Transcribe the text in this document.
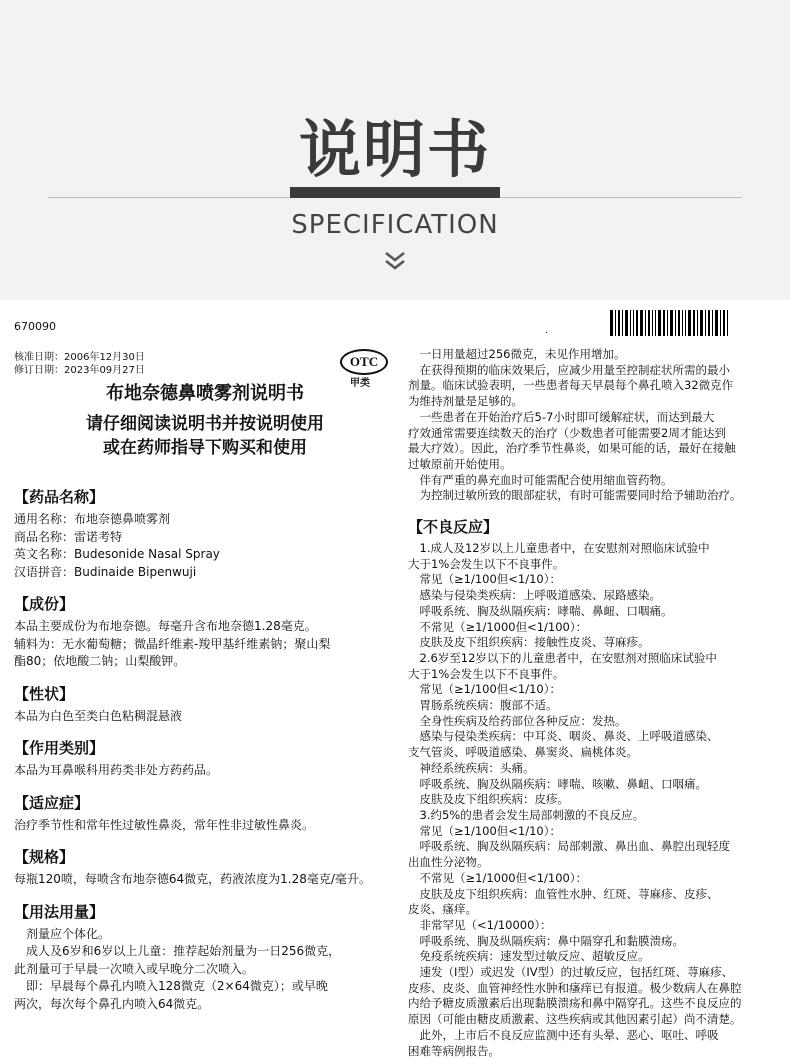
说明书
SPECIFICATION
670090
核准日期：2006年12月30日
修订日期：2023年09月27日
OTC
甲类
布地奈德鼻喷雾剂说明书
请仔细阅读说明书并按说明使用
或在药师指导下购买和使用
【药品名称】

通用名称：布地奈德鼻喷雾剂

商品名称：雷诺考特

英文名称：Budesonide Nasal Spray

汉语拼音：Budinaide Bipenwuji

【成份】

本品主要成份为布地奈德。每毫升含布地奈德1.28毫克。

辅料为：无水葡萄糖；微晶纤维素-羧甲基纤维素钠；聚山梨

酯80；依地酸二钠；山梨酸钾。

【性状】

本品为白色至类白色粘稠混悬液

【作用类别】

本品为耳鼻喉科用药类非处方药药品。

【适应症】

治疗季节性和常年性过敏性鼻炎，常年性非过敏性鼻炎。

【规格】

每瓶120喷，每喷含布地奈德64微克，药液浓度为1.28毫克/毫升。

【用法用量】

　剂量应个体化。

　成人及6岁和6岁以上儿童：推荐起始剂量为一日256微克，

此剂量可于早晨一次喷入或早晚分二次喷入。

　即：早晨每个鼻孔内喷入128微克（2×64微克）；或早晚

两次，每次每个鼻孔内喷入64微克。

.

　一日用量超过256微克，未见作用增加。

　在获得预期的临床效果后，应减少用量至控制症状所需的最小

剂量。临床试验表明，一些患者每天早晨每个鼻孔喷入32微克作

为维持剂量是足够的。

　一些患者在开始治疗后5-7小时即可缓解症状，而达到最大

疗效通常需要连续数天的治疗（少数患者可能需要2周才能达到

最大疗效）。因此，治疗季节性鼻炎，如果可能的话，最好在接触

过敏原前开始使用。

　伴有严重的鼻充血时可能需配合使用缩血管药物。

　为控制过敏所致的眼部症状，有时可能需要同时给予辅助治疗。

【不良反应】

　1.成人及12岁以上儿童患者中，在安慰剂对照临床试验中

大于1%会发生以下不良事件。

　常见（≥1/100但<1/10）：

　感染与侵染类疾病：上呼吸道感染、尿路感染。

　呼吸系统、胸及纵隔疾病：哮喘、鼻衄、口咽痛。

　不常见（≥1/1000但<1/100）：

　皮肤及皮下组织疾病：接触性皮炎、荨麻疹。

　2.6岁至12岁以下的儿童患者中，在安慰剂对照临床试验中

大于1%会发生以下不良事件。

　常见（≥1/100但<1/10）：

　胃肠系统疾病：腹部不适。

　全身性疾病及给药部位各种反应：发热。

　感染与侵染类疾病：中耳炎、咽炎、鼻炎、上呼吸道感染、

支气管炎、呼吸道感染、鼻窦炎、扁桃体炎。

　神经系统疾病：头痛。

　呼吸系统、胸及纵隔疾病：哮喘、咳嗽、鼻衄、口咽痛。

　皮肤及皮下组织疾病：皮疹。

　3.约5%的患者会发生局部刺激的不良反应。

　常见（≥1/100但<1/10）：

　呼吸系统、胸及纵隔疾病：局部刺激、鼻出血、鼻腔出现轻度

出血性分泌物。

　不常见（≥1/1000但<1/100）：

　皮肤及皮下组织疾病：血管性水肿、红斑、荨麻疹、皮疹、

皮炎、瘙痒。

　非常罕见（<1/10000）：

　呼吸系统、胸及纵隔疾病：鼻中隔穿孔和黏膜溃疡。

　免疫系统疾病：速发型过敏反应、超敏反应。

　速发（I型）或迟发（IV型）的过敏反应，包括红斑、荨麻疹、

皮疹、皮炎、血管神经性水肿和瘙痒已有报道。极少数病人在鼻腔

内给予糖皮质激素后出现黏膜溃疡和鼻中隔穿孔。这些不良反应的

原因（可能由糖皮质激素、这些疾病或其他因素引起）尚不清楚。

　此外，上市后不良反应监测中还有头晕、恶心、呕吐、呼吸

困难等病例报告。
